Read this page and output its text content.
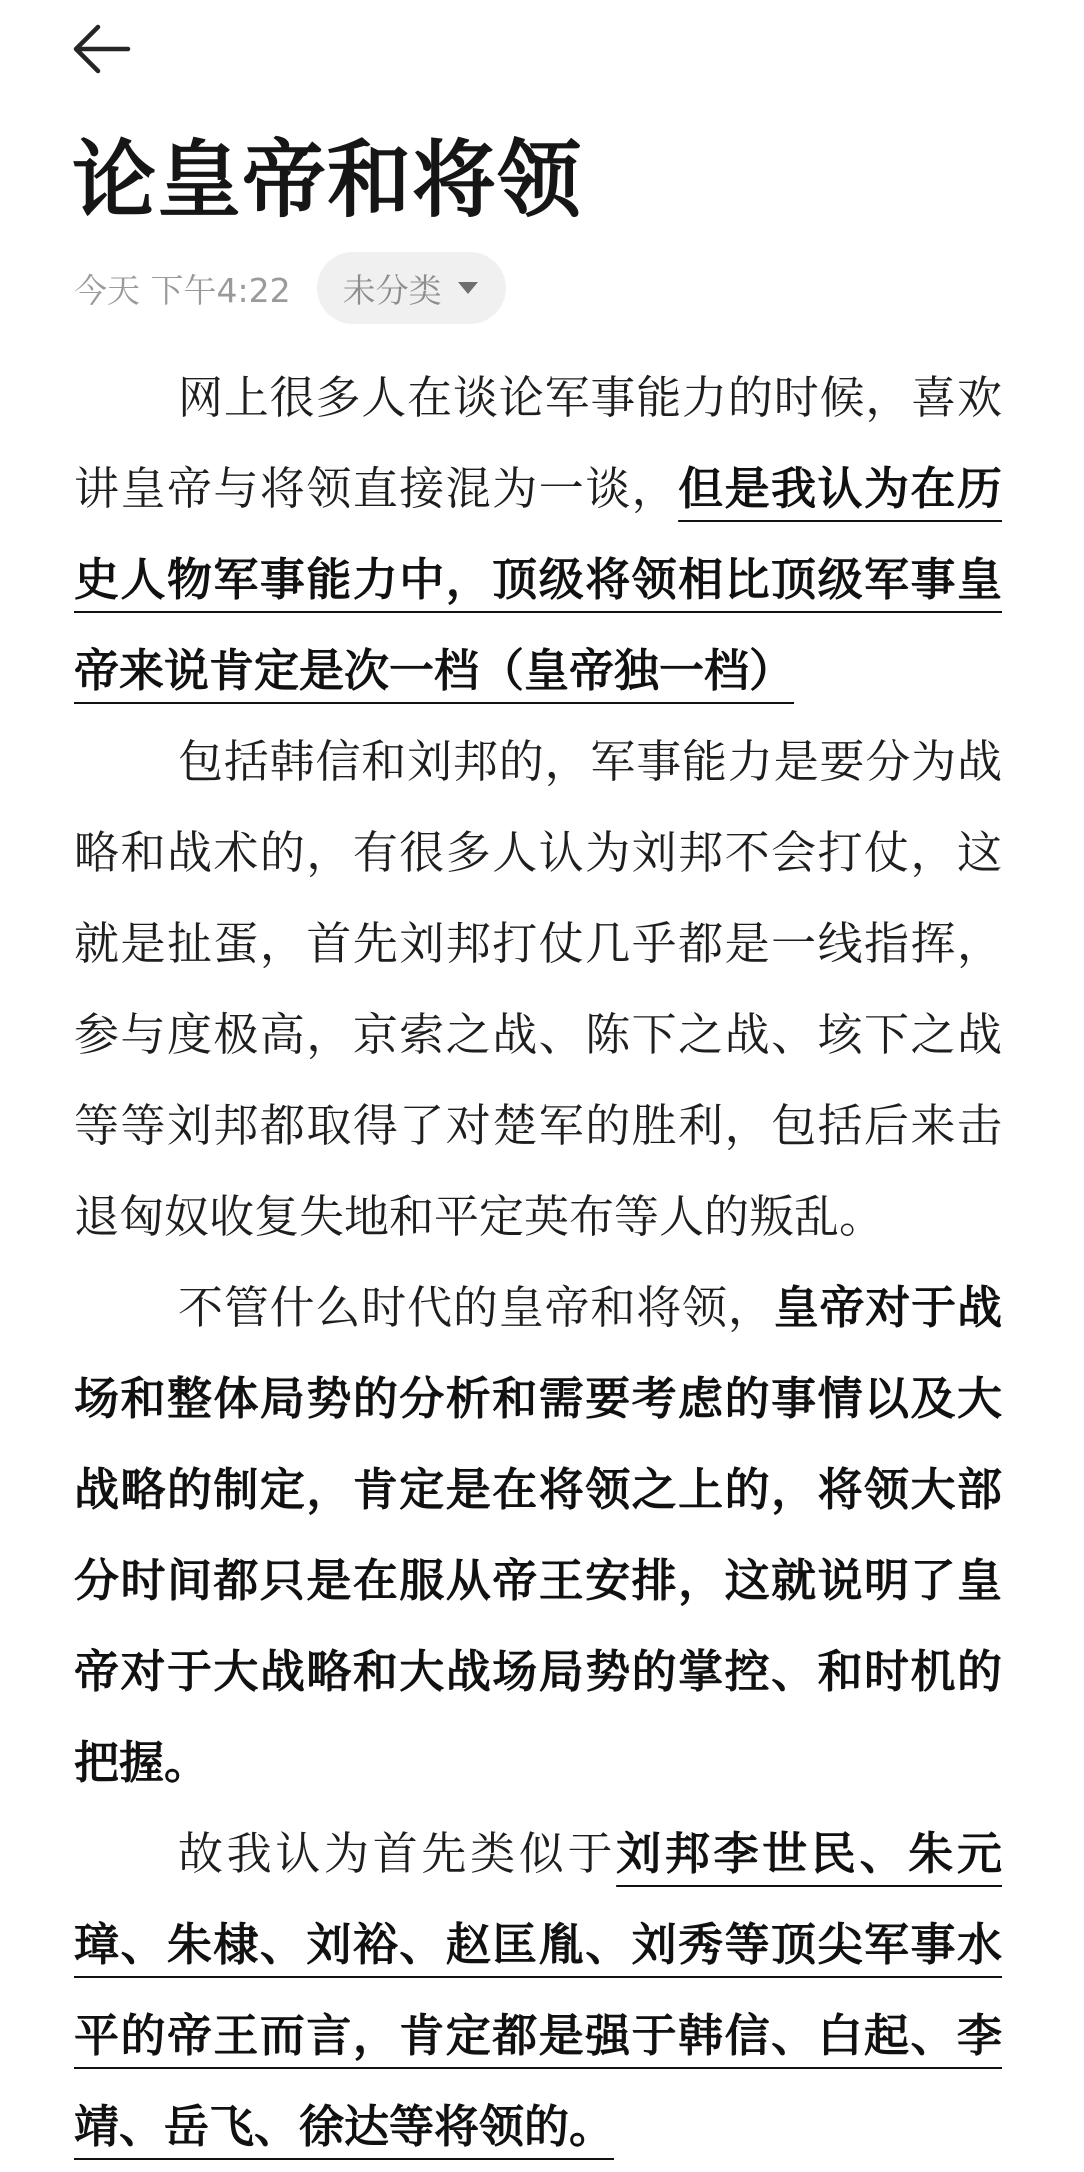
论皇帝和将领
今天 下午4:22 未分类

网上很多人在谈论军事能力的时候，喜欢讲皇帝与将领直接混为一谈，但是我认为在历史人物军事能力中，顶级将领相比顶级军事皇帝来说肯定是次一档（皇帝独一档）

包括韩信和刘邦的，军事能力是要分为战略和战术的，有很多人认为刘邦不会打仗，这就是扯蛋，首先刘邦打仗几乎都是一线指挥，参与度极高，京索之战、陈下之战、垓下之战等等刘邦都取得了对楚军的胜利，包括后来击退匈奴收复失地和平定英布等人的叛乱。

不管什么时代的皇帝和将领，皇帝对于战场和整体局势的分析和需要考虑的事情以及大战略的制定，肯定是在将领之上的，将领大部分时间都只是在服从帝王安排，这就说明了皇帝对于大战略和大战场局势的掌控、和时机的把握。

故我认为首先类似于刘邦李世民、朱元璋、朱棣、刘裕、赵匡胤、刘秀等顶尖军事水平的帝王而言，肯定都是强于韩信、白起、李靖、岳飞、徐达等将领的。
